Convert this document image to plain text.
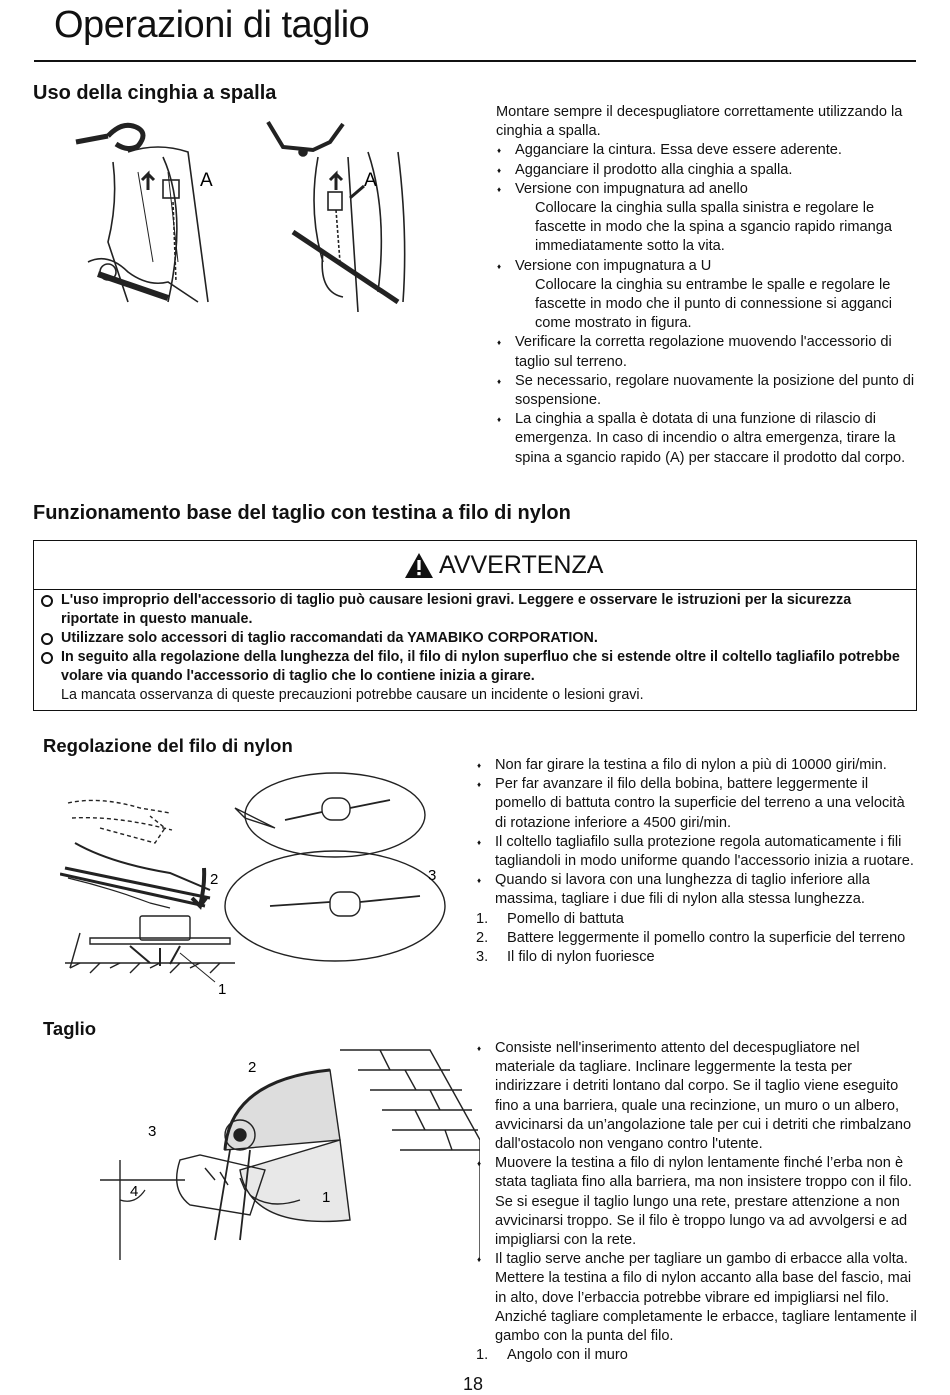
Operazioni di taglio
Uso della cinghia a spalla
A	A

Montare sempre il decespugliatore correttamente utilizzando la cinghia a spalla.

♦ Agganciare la cintura. Essa deve essere aderente.

♦ Agganciare il prodotto alla cinghia a spalla.

♦ Versione con impugnatura ad anello

Collocare la cinghia sulla spalla sinistra e regolare le fascette in modo che la spina a sgancio rapido rimanga immediatamente sotto la vita.

♦ Versione con impugnatura a U

Collocare la cinghia su entrambe le spalle e regolare le fascette in modo che il punto di connessione si agganci come mostrato in figura.

♦ Verificare la corretta regolazione muovendo l'accessorio di taglio sul terreno.

♦ Se necessario, regolare nuovamente la posizione del punto di sospensione.

♦ La cinghia a spalla è dotata di una funzione di rilascio di emergenza. In caso di incendio o altra emergenza, tirare la spina a sgancio rapido (A) per staccare il prodotto dal corpo.

Funzionamento base del taglio con testina a filo di nylon
AVVERTENZA
L'uso improprio dell'accessorio di taglio può causare lesioni gravi. Leggere e osservare le istruzioni per la sicurezza riportate in questo manuale.
Utilizzare solo accessori di taglio raccomandati da YAMABIKO CORPORATION.
In seguito alla regolazione della lunghezza del filo, il filo di nylon superfluo che si estende oltre il coltello tagliafilo potrebbe volare via quando l'accessorio di taglio che lo contiene inizia a girare.
La mancata osservanza di queste precauzioni potrebbe causare un incidente o lesioni gravi.
Regolazione del filo di nylon
2	3
1

♦ Non far girare la testina a filo di nylon a più di 10000 giri/min.

♦ Per far avanzare il filo della bobina, battere leggermente il pomello di battuta contro la superficie del terreno a una velocità di rotazione inferiore a 4500 giri/min.

♦ Il coltello tagliafilo sulla protezione regola automaticamente i fili tagliandoli in modo uniforme quando l'accessorio inizia a ruotare.

♦ Quando si lavora con una lunghezza di taglio inferiore alla massima, tagliare i due fili di nylon alla stessa lunghezza.

1. Pomello di battuta

2. Battere leggermente il pomello contro la superficie del terreno

3. Il filo di nylon fuoriesce

Taglio
2
3
4	1

♦ Consiste nell'inserimento attento del decespugliatore nel materiale da tagliare. Inclinare leggermente la testa per indirizzare i detriti lontano dal corpo. Se il taglio viene eseguito fino a una barriera, quale una recinzione, un muro o un albero, avvicinarsi da un’angolazione tale per cui i detriti che rimbalzano dall'ostacolo non vengano contro l'utente.

♦ Muovere la testina a filo di nylon lentamente finché l’erba non è stata tagliata fino alla barriera, ma non insistere troppo con il filo. Se si esegue il taglio lungo una rete, prestare attenzione a non avvicinarsi troppo. Se il filo è troppo lungo va ad avvolgersi e ad impigliarsi con la rete.

♦ Il taglio serve anche per tagliare un gambo di erbacce alla volta. Mettere la testina a filo di nylon accanto alla base del fascio, mai in alto, dove l’erbaccia potrebbe vibrare ed impigliarsi nel filo. Anziché tagliare completamente le erbacce, tagliare lentamente il gambo con la punta del filo.

1. Angolo con il muro

18
